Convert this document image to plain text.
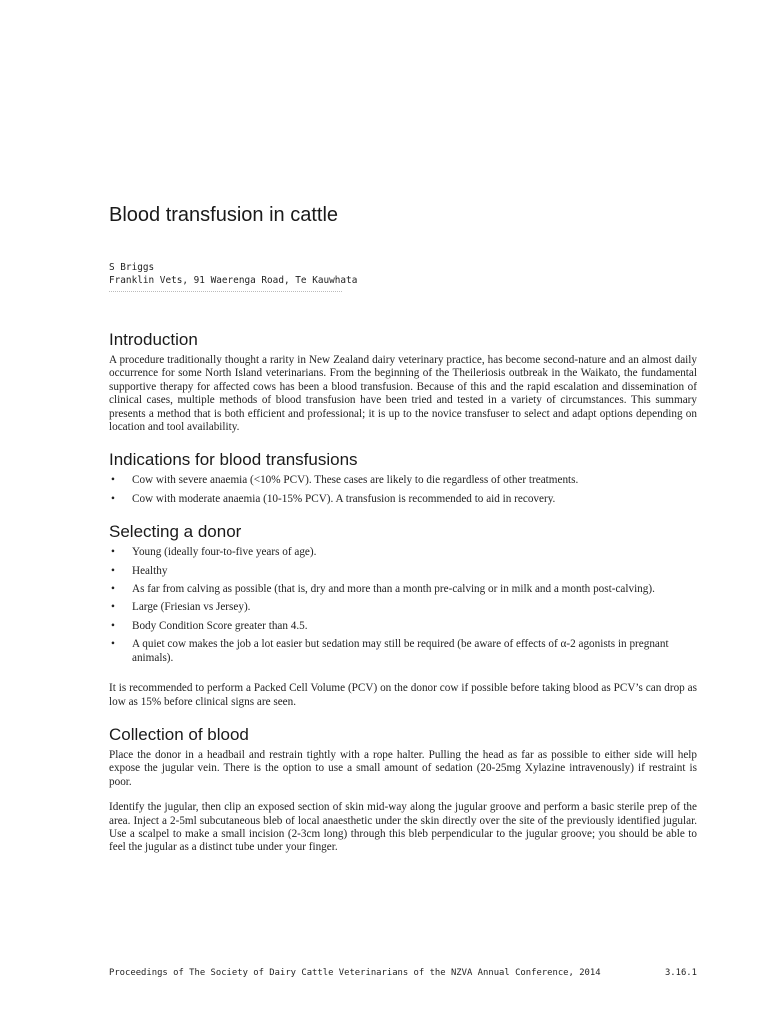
Blood transfusion in cattle
S Briggs
Franklin Vets, 91 Waerenga Road, Te Kauwhata
Introduction

A procedure traditionally thought a rarity in New Zealand dairy veterinary practice, has become second-nature and an almost daily occurrence for some North Island veterinarians. From the beginning of the Theileriosis outbreak in the Waikato, the fundamental supportive therapy for affected cows has been a blood transfusion. Because of this and the rapid escalation and dissemination of clinical cases, multiple methods of blood transfusion have been tried and tested in a variety of circumstances. This summary presents a method that is both efficient and professional; it is up to the novice transfuser to select and adapt options depending on location and tool availability.

Indications for blood transfusions
• Cow with severe anaemia (<10% PCV). These cases are likely to die regardless of other treatments.
• Cow with moderate anaemia (10-15% PCV). A transfusion is recommended to aid in recovery.
Selecting a donor
• Young (ideally four-to-five years of age).
• Healthy
• As far from calving as possible (that is, dry and more than a month pre-calving or in milk and a month post-calving).
• Large (Friesian vs Jersey).
• Body Condition Score greater than 4.5.
• A quiet cow makes the job a lot easier but sedation may still be required (be aware of effects of α-2 agonists in pregnant animals).

It is recommended to perform a Packed Cell Volume (PCV) on the donor cow if possible before taking blood as PCV’s can drop as low as 15% before clinical signs are seen.

Collection of blood

Place the donor in a headbail and restrain tightly with a rope halter. Pulling the head as far as possible to either side will help expose the jugular vein. There is the option to use a small amount of sedation (20-25mg Xylazine intravenously) if restraint is poor.

Identify the jugular, then clip an exposed section of skin mid-way along the jugular groove and perform a basic sterile prep of the area. Inject a 2-5ml subcutaneous bleb of local anaesthetic under the skin directly over the site of the previously identified jugular. Use a scalpel to make a small incision (2-3cm long) through this bleb perpendicular to the jugular groove; you should be able to feel the jugular as a distinct tube under your finger.

Proceedings of The Society of Dairy Cattle Veterinarians of the NZVA Annual Conference, 2014	3.16.1
